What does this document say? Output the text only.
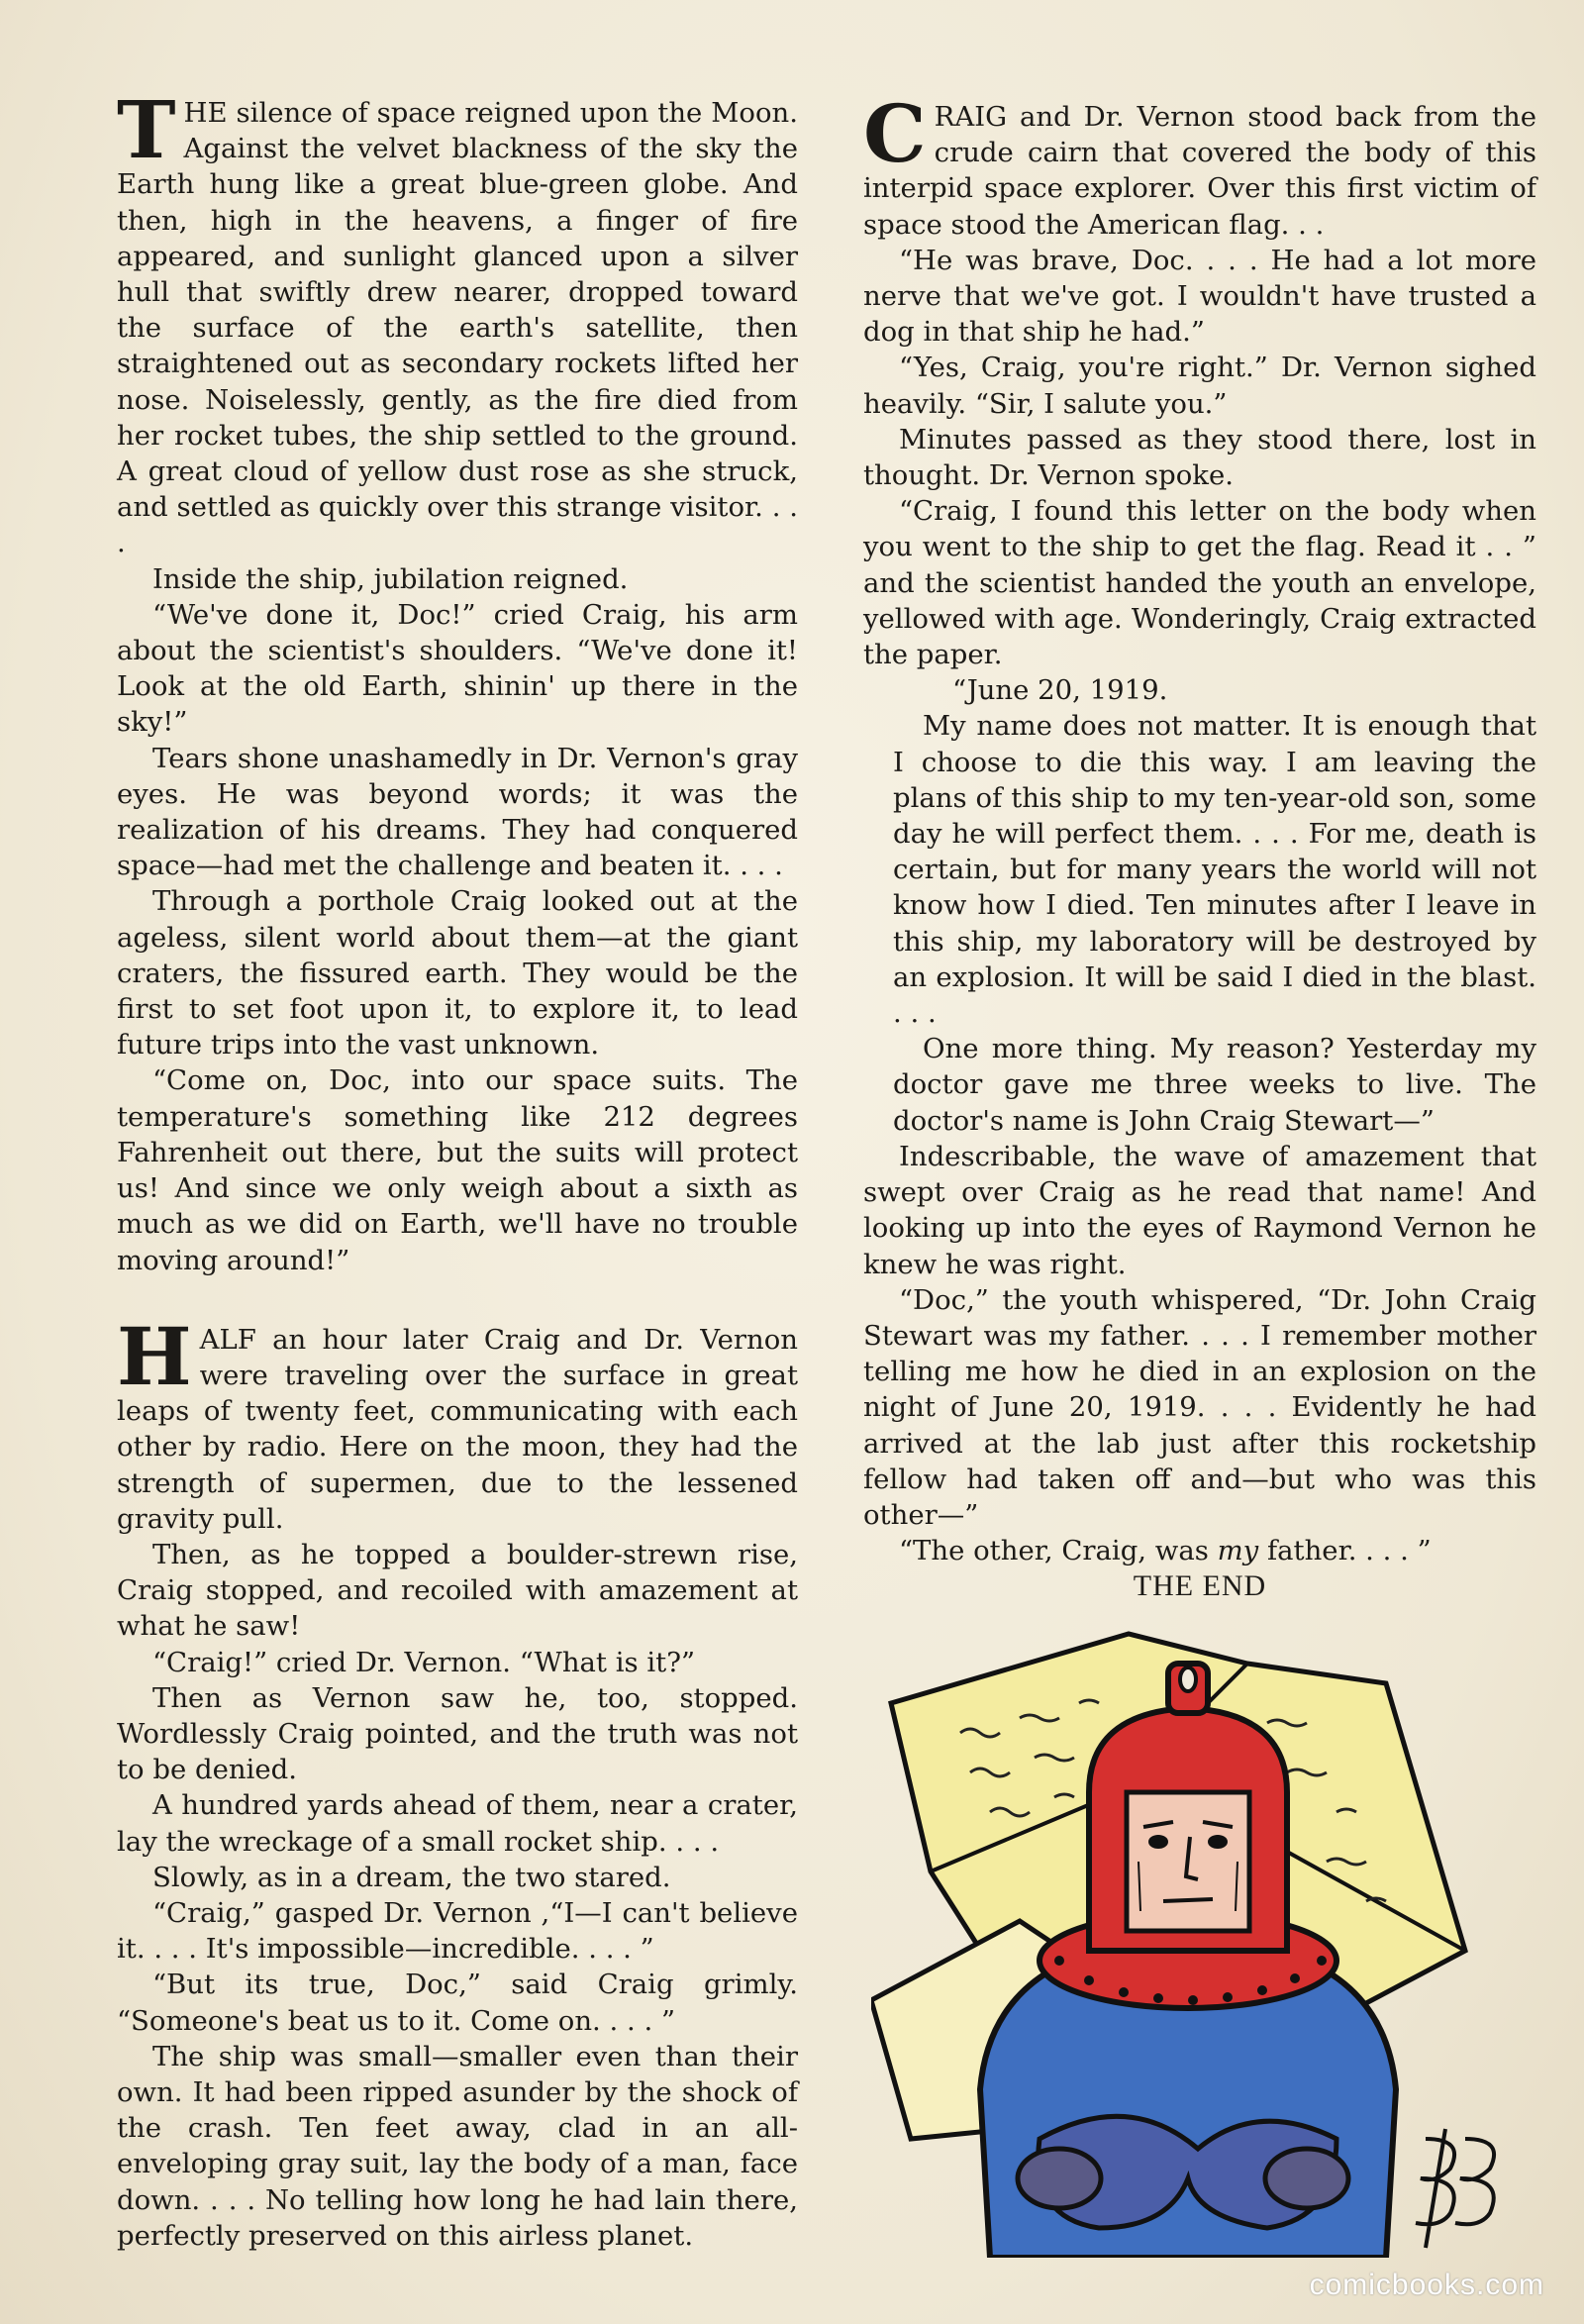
THE silence of space reigned upon the Moon. Against the velvet blackness of the sky the Earth hung like a great blue-green globe. And then, high in the heavens, a finger of fire appeared, and sunlight glanced upon a silver hull that swiftly drew nearer, dropped toward the surface of the earth's satellite, then straightened out as secondary rockets lifted her nose. Noiselessly, gently, as the fire died from her rocket tubes, the ship settled to the ground. A great cloud of yellow dust rose as she struck, and settled as quickly over this strange visitor. . . .

Inside the ship, jubilation reigned.

“We've done it, Doc!” cried Craig, his arm about the scientist's shoulders. “We've done it! Look at the old Earth, shinin' up there in the sky!”

Tears shone unashamedly in Dr. Vernon's gray eyes. He was beyond words; it was the realization of his dreams. They had conquered space—had met the challenge and beaten it. . . .

Through a porthole Craig looked out at the ageless, silent world about them—at the giant craters, the fissured earth. They would be the first to set foot upon it, to explore it, to lead future trips into the vast unknown.

“Come on, Doc, into our space suits. The temperature's something like 212 degrees Fahrenheit out there, but the suits will protect us! And since we only weigh about a sixth as much as we did on Earth, we'll have no trouble moving around!”

HALF an hour later Craig and Dr. Vernon were traveling over the surface in great leaps of twenty feet, communicating with each other by radio. Here on the moon, they had the strength of supermen, due to the lessened gravity pull.

Then, as he topped a boulder-strewn rise, Craig stopped, and recoiled with amazement at what he saw!

“Craig!” cried Dr. Vernon. “What is it?”

Then as Vernon saw he, too, stopped. Wordlessly Craig pointed, and the truth was not to be denied.

A hundred yards ahead of them, near a crater, lay the wreckage of a small rocket ship. . . .

Slowly, as in a dream, the two stared.

“Craig,” gasped Dr. Vernon ,“I—I can't believe it. . . . It's impossible—incredible. . . . ”

“But its true, Doc,” said Craig grimly. “Someone's beat us to it. Come on. . . . ”

The ship was small—smaller even than their own. It had been ripped asunder by the shock of the crash. Ten feet away, clad in an all-enveloping gray suit, lay the body of a man, face down. . . . No telling how long he had lain there, perfectly preserved on this airless planet.

CRAIG and Dr. Vernon stood back from the crude cairn that covered the body of this interpid space explorer. Over this first victim of space stood the American flag. . .

“He was brave, Doc. . . . He had a lot more nerve that we've got. I wouldn't have trusted a dog in that ship he had.”

“Yes, Craig, you're right.” Dr. Vernon sighed heavily. “Sir, I salute you.”

Minutes passed as they stood there, lost in thought. Dr. Vernon spoke.

“Craig, I found this letter on the body when you went to the ship to get the flag. Read it . . ” and the scientist handed the youth an envelope, yellowed with age. Wonderingly, Craig extracted the paper.

“June 20, 1919.

My name does not matter. It is enough that I choose to die this way. I am leaving the plans of this ship to my ten-year-old son, some day he will perfect them. . . . For me, death is certain, but for many years the world will not know how I died. Ten minutes after I leave in this ship, my laboratory will be destroyed by an explosion. It will be said I died in the blast. . . .

One more thing. My reason? Yesterday my doctor gave me three weeks to live. The doctor's name is John Craig Stewart—”

Indescribable, the wave of amazement that swept over Craig as he read that name! And looking up into the eyes of Raymond Vernon he knew he was right.

“Doc,” the youth whispered, “Dr. John Craig Stewart was my father. . . . I remember mother telling me how he died in an explosion on the night of June 20, 1919. . . . Evidently he had arrived at the lab just after this rocketship fellow had taken off and—but who was this other—”

“The other, Craig, was my father. . . . ”

THE END

comicbooks.com
